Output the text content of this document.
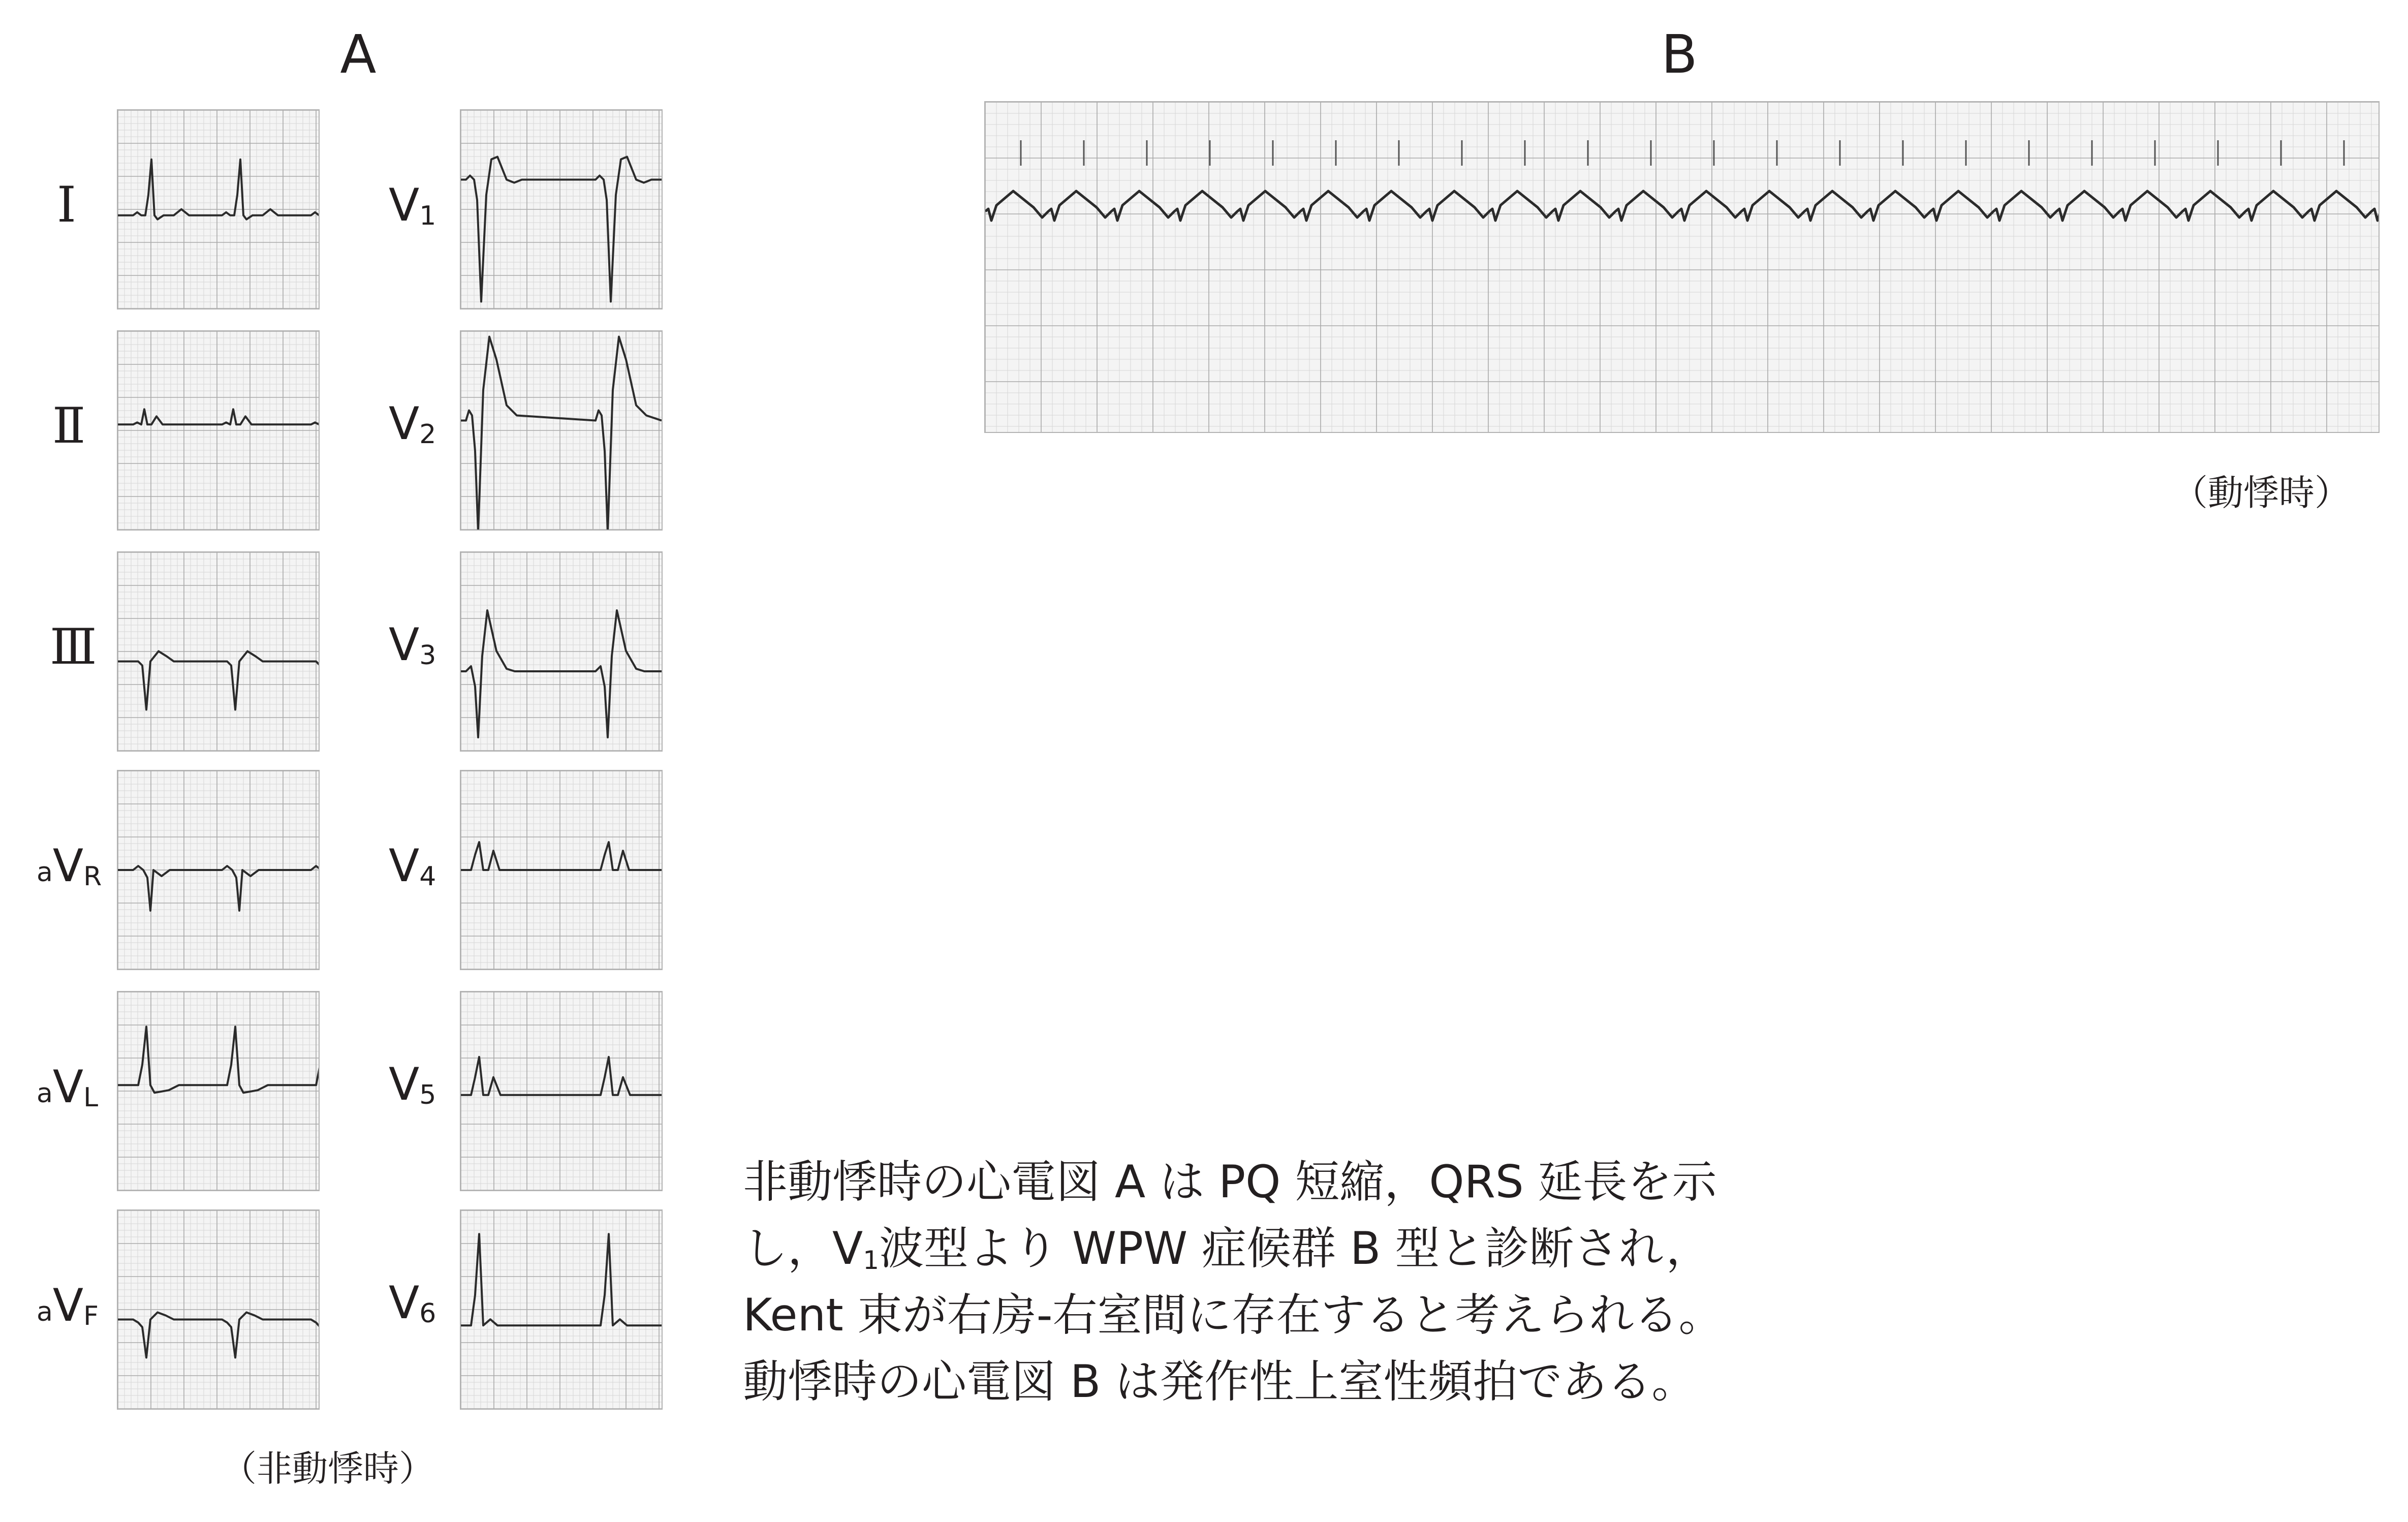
A	B
Ⅰ
Ⅱ
Ⅲ
aVR
aVL
aVF
V1
V2
V3
V4
V5
V6
（非動悸時）
（動悸時）
非動悸時の心電図 A は PQ 短縮，QRS 延長を示
し，$V_1$波型より WPW 症候群 B 型と診断され，
Kent 束が右房-右室間に存在すると考えられる。
動悸時の心電図 B は発作性上室性頻拍である。
